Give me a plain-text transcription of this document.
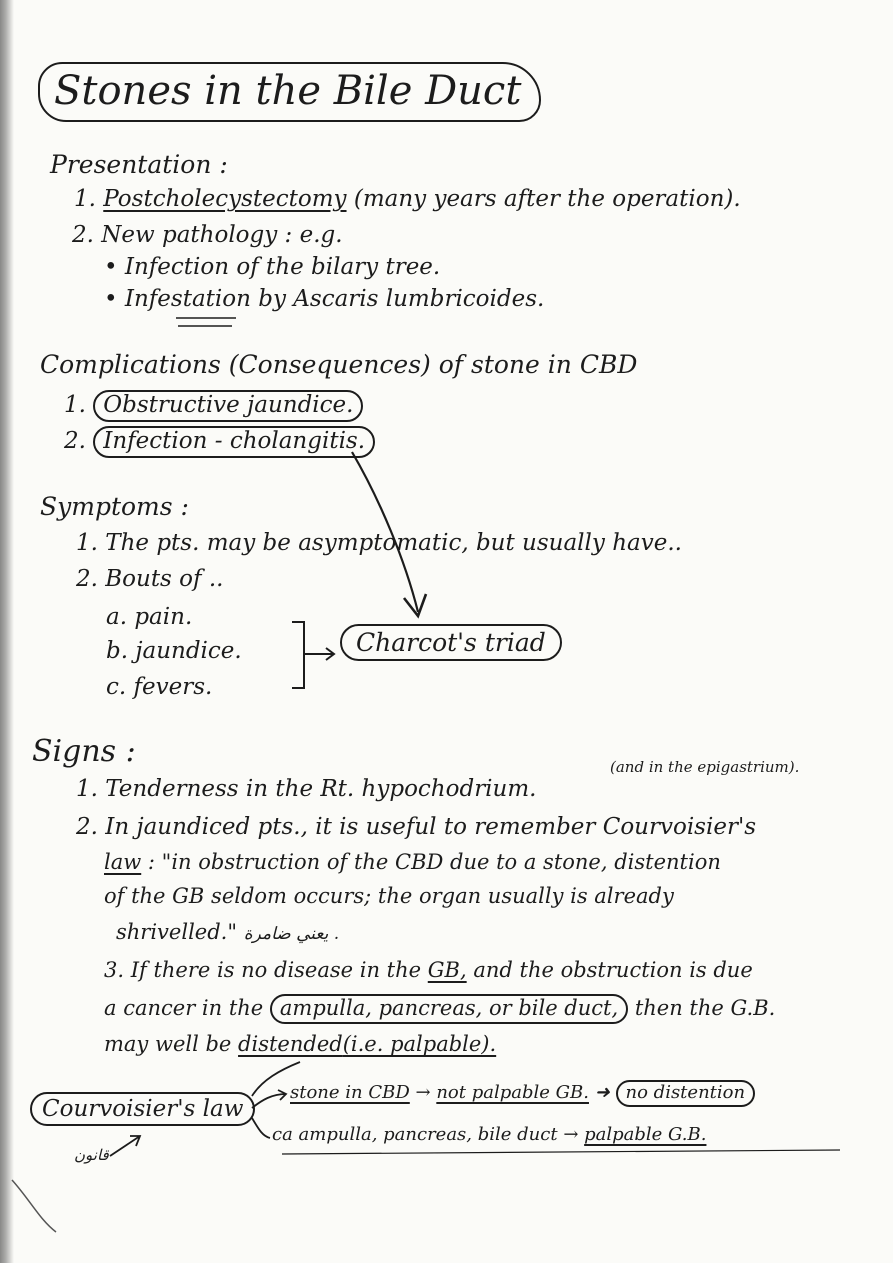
Stones in the Bile Duct
Presentation :
1. Postcholecystectomy (many years after the operation).
2. New pathology : e.g.
• Infection of the bilary tree.
• Infestation by Ascaris lumbricoides.
Complications (Consequences) of stone in CBD
1. Obstructive jaundice.
2. Infection - cholangitis.
Symptoms :
1. The pts. may be asymptomatic, but usually have..
2. Bouts of ..
a. pain.
b. jaundice.
c. fevers.
Charcot's triad
Signs :
1. Tenderness in the Rt. hypochodrium.
(and in the epigastrium).
2. In jaundiced pts., it is useful to remember Courvoisier's
law : "in obstruction of the CBD due to a stone, distention
of the GB seldom occurs; the organ usually is already
shrivelled." يعني ضامرة .
3. If there is no disease in the GB, and the obstruction is due
a cancer in the ampulla, pancreas, or bile duct, then the G.B.
may well be distended(i.e. palpable).
Courvoisier's law
قانون
stone in CBD → not palpable GB. ➜ no distention
ca ampulla, pancreas, bile duct → palpable G.B.
